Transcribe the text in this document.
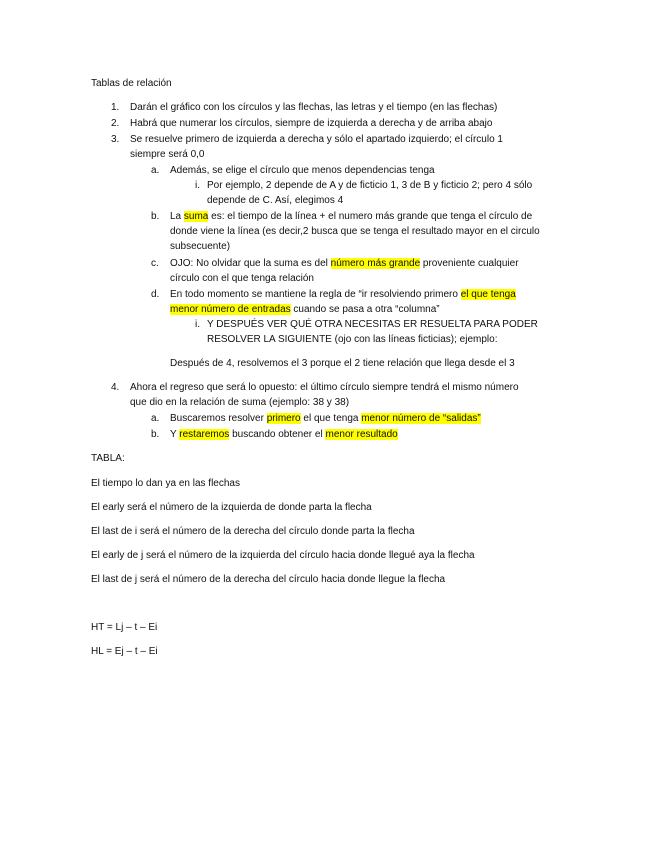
Tablas de relación
1. Darán el gráfico con los círculos y las flechas, las letras y el tiempo (en las flechas)
2. Habrá que numerar los círculos, siempre de izquierda a derecha y de arriba abajo
3. Se resuelve primero de izquierda a derecha y sólo el apartado izquierdo; el círculo 1
siempre será 0,0
a. Además, se elige el círculo que menos dependencias tenga
i. Por ejemplo, 2 depende de A y de ficticio 1, 3 de B y ficticio 2; pero 4 sólo
depende de C. Así, elegimos 4
b. La suma es: el tiempo de la línea + el numero más grande que tenga el círculo de
donde viene la línea (es decir,2 busca que se tenga el resultado mayor en el circulo
subsecuente)
c. OJO: No olvidar que la suma es del número más grande proveniente cualquier
círculo con el que tenga relación
d. En todo momento se mantiene la regla de “ir resolviendo primero el que tenga
menor número de entradas cuando se pasa a otra “columna”
i. Y DESPUÉS VER QUÉ OTRA NECESITAS ER RESUELTA PARA PODER
RESOLVER LA SIGUIENTE (ojo con las líneas ficticias); ejemplo:
Después de 4, resolvemos el 3 porque el 2 tiene relación que llega desde el 3
4. Ahora el regreso que será lo opuesto: el último círculo siempre tendrá el mismo número
que dio en la relación de suma (ejemplo: 38 y 38)
a. Buscaremos resolver primero el que tenga menor número de “salidas”
b. Y restaremos buscando obtener el menor resultado
TABLA:
El tiempo lo dan ya en las flechas
El early será el número de la izquierda de donde parta la flecha
El last de i será el número de la derecha del círculo donde parta la flecha
El early de j será el número de la izquierda del círculo hacia donde llegué aya la flecha
El last de j será el número de la derecha del círculo hacia donde llegue la flecha
HT = Lj – t – Ei
HL = Ej – t – Ei
